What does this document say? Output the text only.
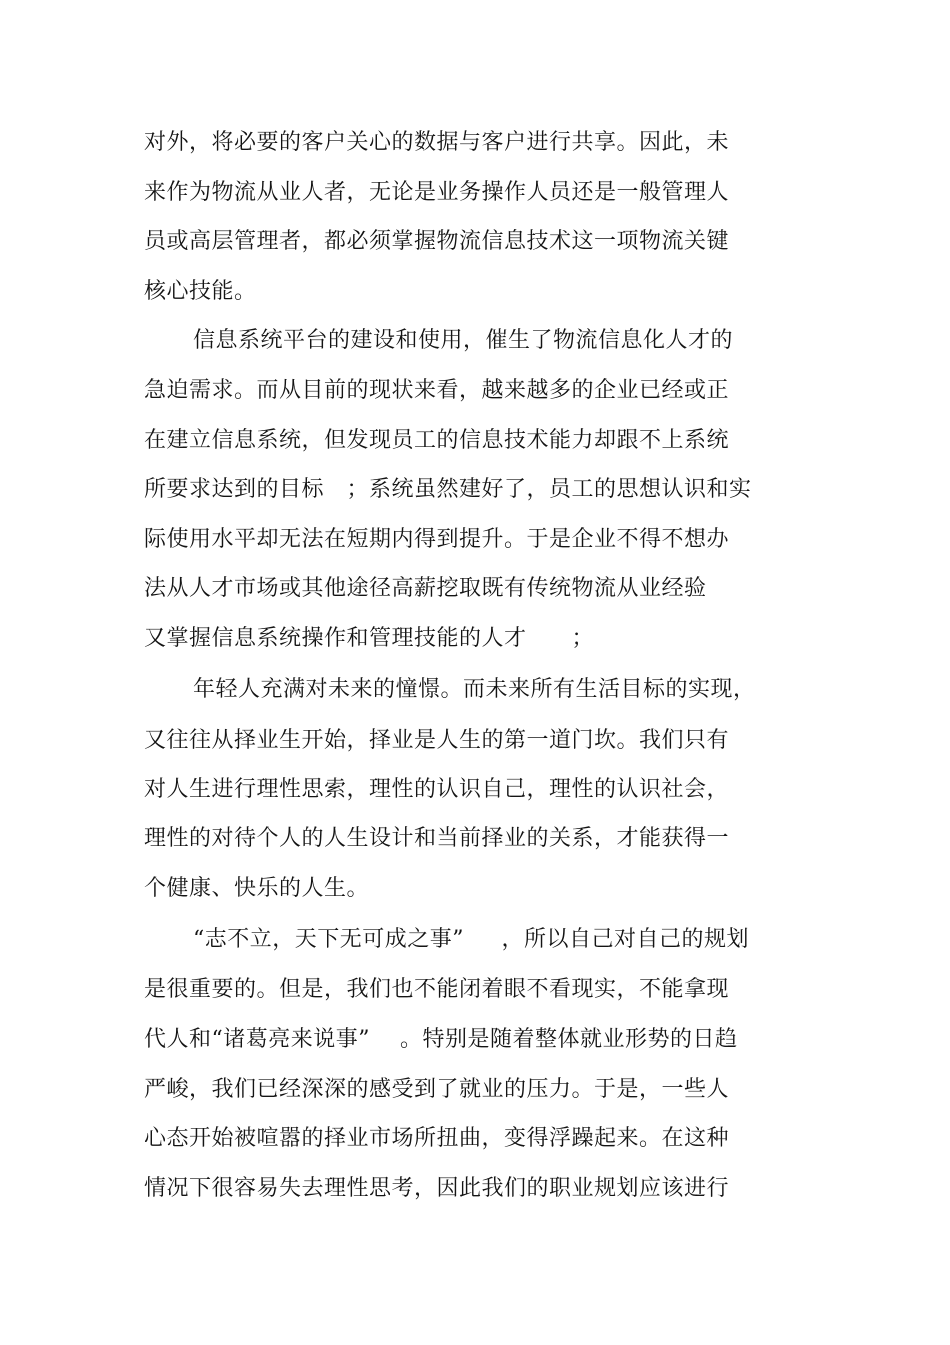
对外，将必要的客户关心的数据与客户进行共享。因此，未
来作为物流从业人者，无论是业务操作人员还是一般管理人
员或高层管理者，都必须掌握物流信息技术这一项物流关键
核心技能。
信息系统平台的建设和使用，催生了物流信息化人才的
急迫需求。而从目前的现状来看，越来越多的企业已经或正
在建立信息系统，但发现员工的信息技术能力却跟不上系统
所要求达到的目标   ；系统虽然建好了，员工的思想认识和实
际使用水平却无法在短期内得到提升。于是企业不得不想办
法从人才市场或其他途径高薪挖取既有传统物流从业经验
又掌握信息系统操作和管理技能的人才      ；
年轻人充满对未来的憧憬。而未来所有生活目标的实现，
又往往从择业生开始，择业是人生的第一道门坎。我们只有
对人生进行理性思索，理性的认识自己，理性的认识社会，
理性的对待个人的人生设计和当前择业的关系，才能获得一
个健康、快乐的人生。
“志不立，天下无可成之事”     ，所以自己对自己的规划
是很重要的。但是，我们也不能闭着眼不看现实，不能拿现
代人和“诸葛亮来说事”    。特别是随着整体就业形势的日趋
严峻，我们已经深深的感受到了就业的压力。于是，一些人
心态开始被喧嚣的择业市场所扭曲，变得浮躁起来。在这种
情况下很容易失去理性思考，因此我们的职业规划应该进行
